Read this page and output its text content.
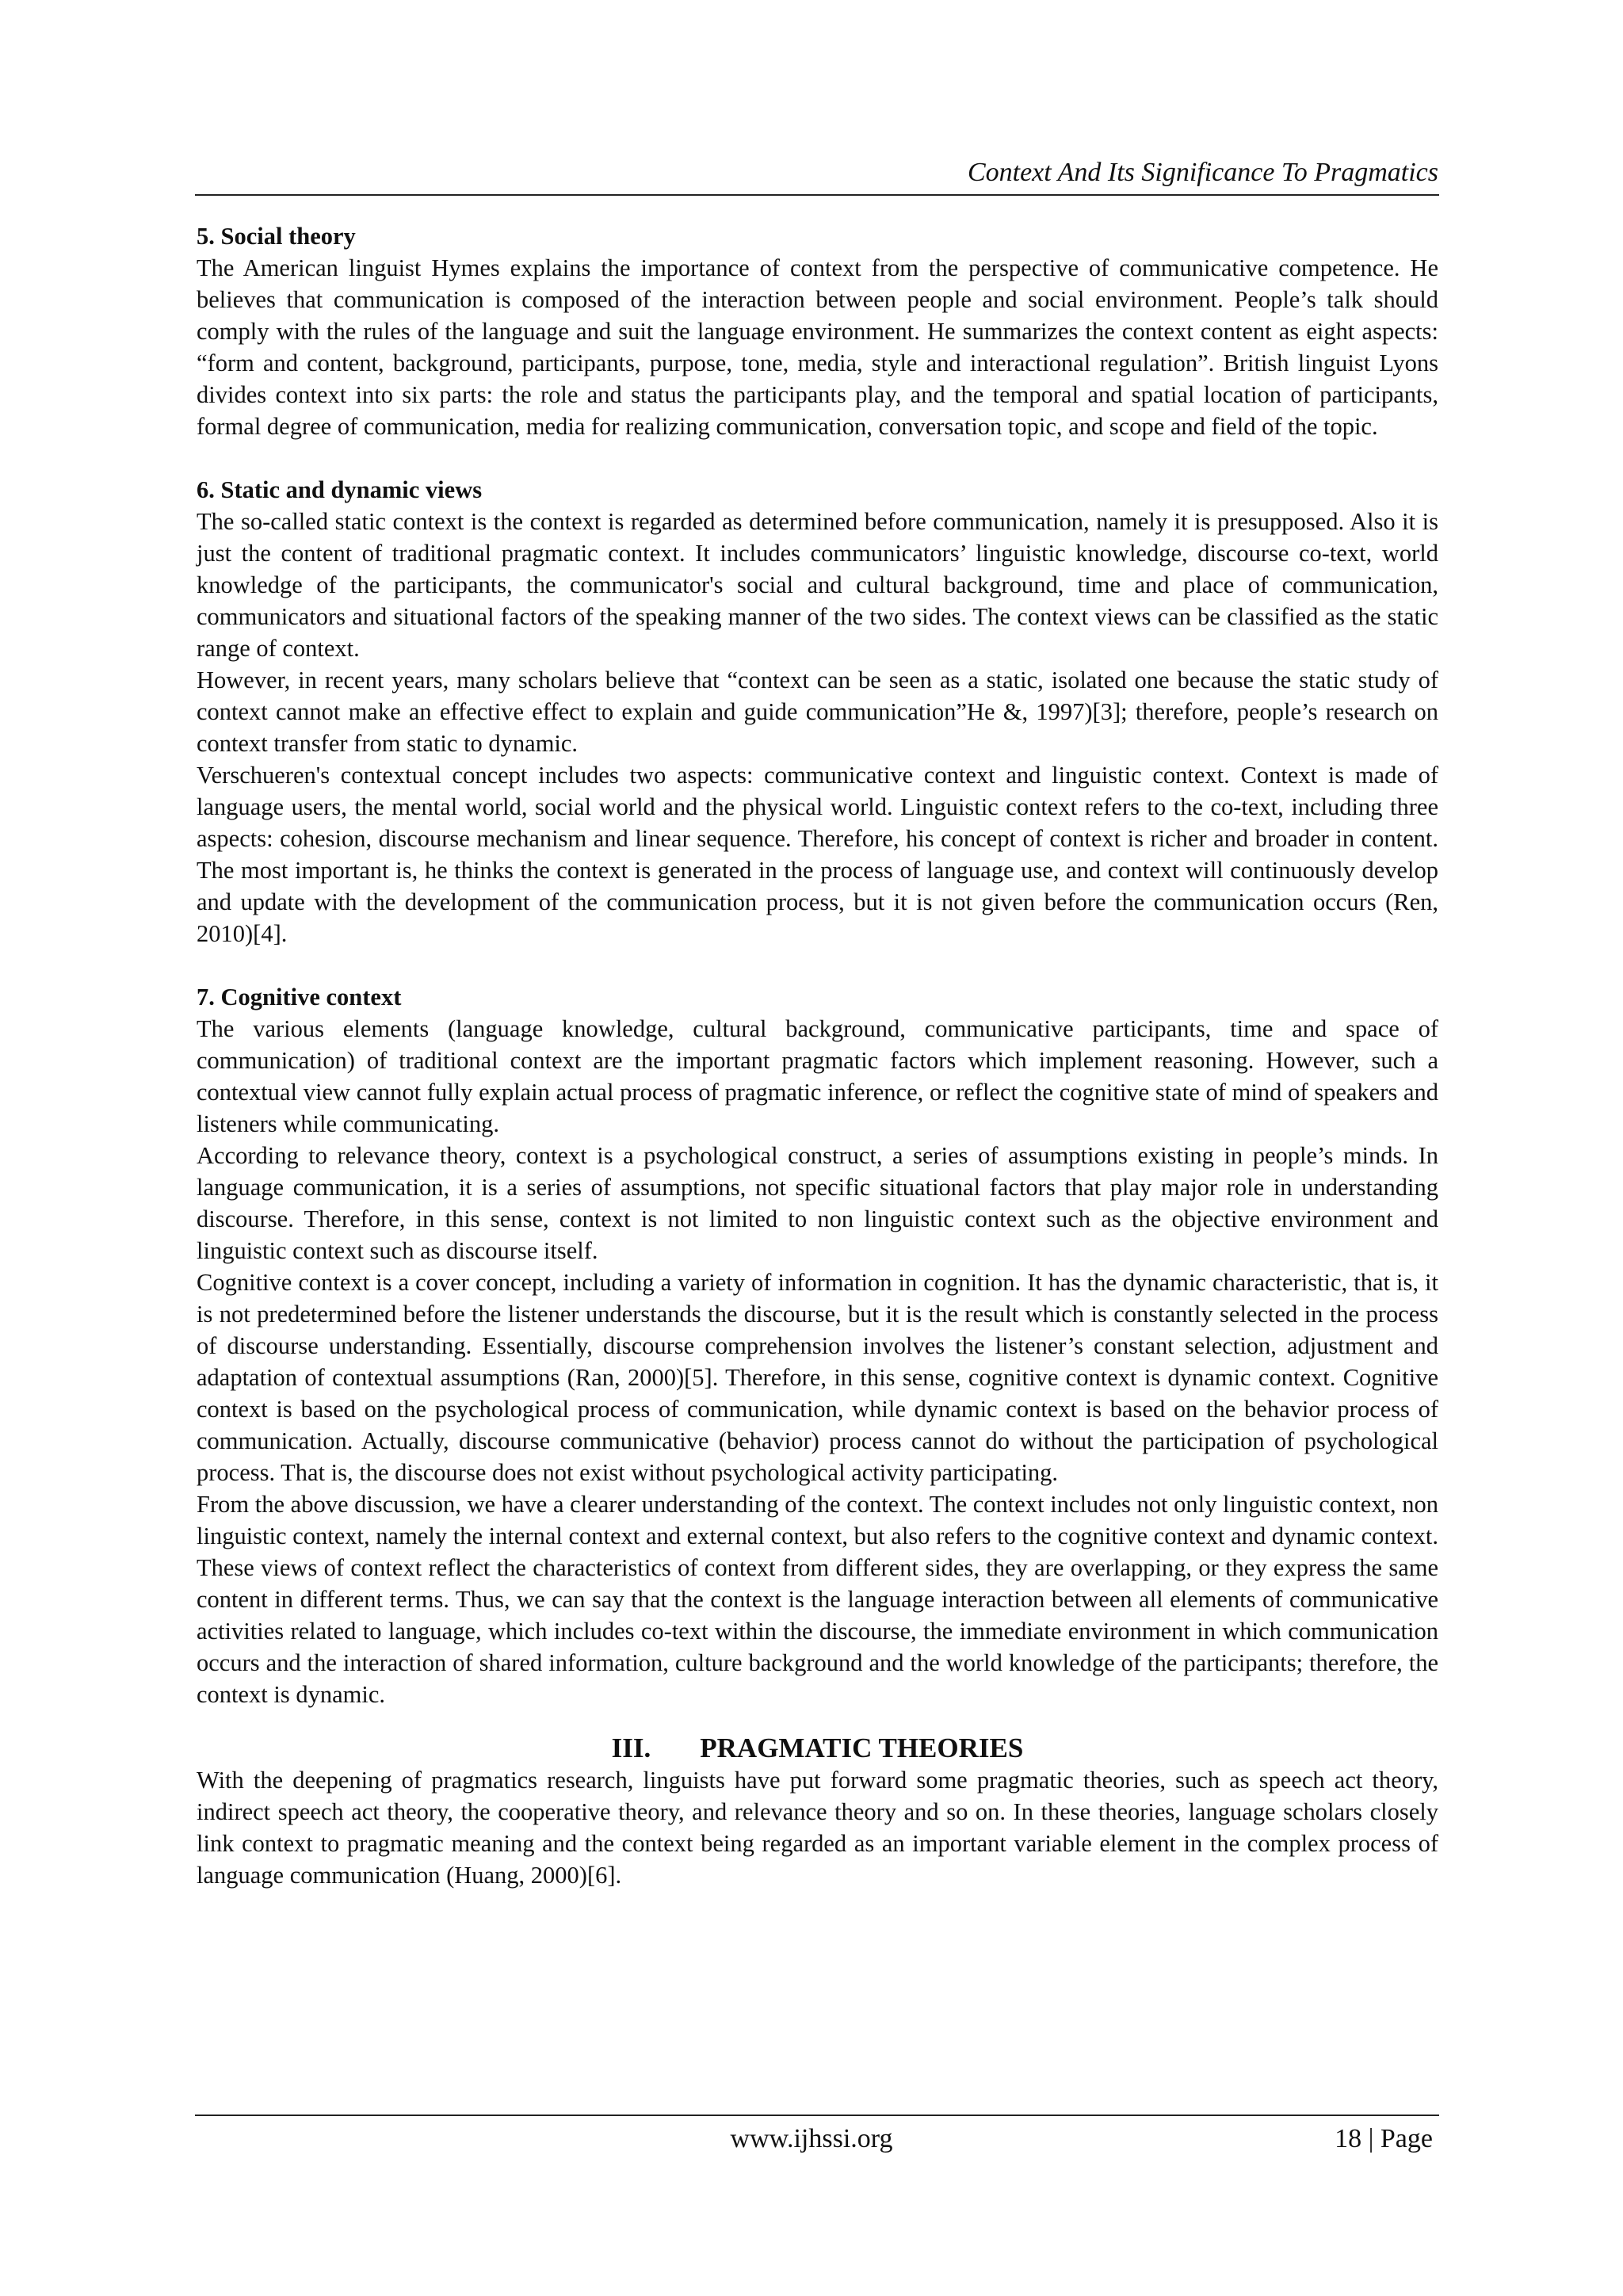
Context And Its Significance To Pragmatics
5. Social theory

The American linguist Hymes explains the importance of context from the perspective of communicative competence. He believes that communication is composed of the interaction between people and social environment. People’s talk should comply with the rules of the language and suit the language environment. He summarizes the context content as eight aspects: “form and content, background, participants, purpose, tone, media, style and interactional regulation”. British linguist Lyons divides context into six parts: the role and status the participants play, and the temporal and spatial location of participants, formal degree of communication, media for realizing communication, conversation topic, and scope and field of the topic.

6. Static and dynamic views

The so-called static context is the context is regarded as determined before communication, namely it is presupposed. Also it is just the content of traditional pragmatic context. It includes communicators’ linguistic knowledge, discourse co-text, world knowledge of the participants, the communicator's social and cultural background, time and place of communication, communicators and situational factors of the speaking manner of the two sides. The context views can be classified as the static range of context.

However, in recent years, many scholars believe that “context can be seen as a static, isolated one because the static study of context cannot make an effective effect to explain and guide communication”He &, 1997)[3]; therefore, people’s research on context transfer from static to dynamic.

Verschueren's contextual concept includes two aspects: communicative context and linguistic context. Context is made of language users, the mental world, social world and the physical world. Linguistic context refers to the co-text, including three aspects: cohesion, discourse mechanism and linear sequence. Therefore, his concept of context is richer and broader in content. The most important is, he thinks the context is generated in the process of language use, and context will continuously develop and update with the development of the communication process, but it is not given before the communication occurs (Ren, 2010)[4].

7. Cognitive context

The various elements (language knowledge, cultural background, communicative participants, time and space of communication) of traditional context are the important pragmatic factors which implement reasoning. However, such a contextual view cannot fully explain actual process of pragmatic inference, or reflect the cognitive state of mind of speakers and listeners while communicating.

According to relevance theory, context is a psychological construct, a series of assumptions existing in people’s minds. In language communication, it is a series of assumptions, not specific situational factors that play major role in understanding discourse. Therefore, in this sense, context is not limited to non linguistic context such as the objective environment and linguistic context such as discourse itself.

Cognitive context is a cover concept, including a variety of information in cognition. It has the dynamic characteristic, that is, it is not predetermined before the listener understands the discourse, but it is the result which is constantly selected in the process of discourse understanding. Essentially, discourse comprehension involves the listener’s constant selection, adjustment and adaptation of contextual assumptions (Ran, 2000)[5]. Therefore, in this sense, cognitive context is dynamic context. Cognitive context is based on the psychological process of communication, while dynamic context is based on the behavior process of communication. Actually, discourse communicative (behavior) process cannot do without the participation of psychological process. That is, the discourse does not exist without psychological activity participating.

From the above discussion, we have a clearer understanding of the context. The context includes not only linguistic context, non linguistic context, namely the internal context and external context, but also refers to the cognitive context and dynamic context. These views of context reflect the characteristics of context from different sides, they are overlapping, or they express the same content in different terms. Thus, we can say that the context is the language interaction between all elements of communicative activities related to language, which includes co-text within the discourse, the immediate environment in which communication occurs and the interaction of shared information, culture background and the world knowledge of the participants; therefore, the context is dynamic.

III. PRAGMATIC THEORIES

With the deepening of pragmatics research, linguists have put forward some pragmatic theories, such as speech act theory, indirect speech act theory, the cooperative theory, and relevance theory and so on. In these theories, language scholars closely link context to pragmatic meaning and the context being regarded as an important variable element in the complex process of language communication (Huang, 2000)[6].

www.ijhssi.org	18 | Page
